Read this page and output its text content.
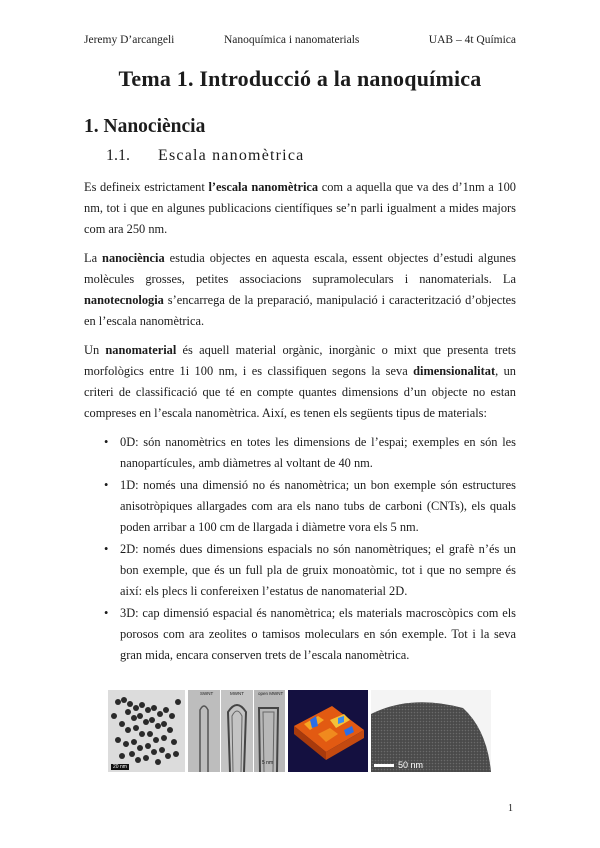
Jeremy D’arcangeli	Nanoquímica i nanomaterials	UAB – 4t Química
Tema 1. Introducció a la nanoquímica
1. Nanociència
1.1. Escala nanomètrica

Es defineix estrictament l’escala nanomètrica com a aquella que va des d’1nm a 100 nm, tot i que en algunes publicacions científiques se’n parli igualment a mides majors com ara 250 nm.

La nanociència estudia objectes en aquesta escala, essent objectes d’estudi algunes molècules grosses, petites associacions supramoleculars i nanomaterials. La nanotecnologia s’encarrega de la preparació, manipulació i caracterització d’objectes en l’escala nanomètrica.

Un nanomaterial és aquell material orgànic, inorgànic o mixt que presenta trets morfològics entre 1i 100 nm, i es classifiquen segons la seva dimensionalitat, un criteri de classificació que té en compte quantes dimensions d’un objecte no estan compreses en l’escala nanomètrica. Així, es tenen els següents tipus de materials:

• 0D: són nanomètrics en totes les dimensions de l’espai; exemples en són les nanopartícules, amb diàmetres al voltant de 40 nm.
• 1D: només una dimensió no és nanomètrica; un bon exemple són estructures anisotròpiques allargades com ara els nano tubs de carboni (CNTs), els quals poden arribar a 100 cm de llargada i diàmetre vora els 5 nm.
• 2D: només dues dimensions espacials no són nanomètriques; el grafè n’és un bon exemple, que és un full pla de gruix monoatòmic, tot i que no sempre és així: els plecs li confereixen l’estatus de nanomaterial 2D.
• 3D: cap dimensió espacial és nanomètrica; els materials macroscòpics com els porosos com ara zeolites o tamisos moleculars en són exemple. Tot i la seva gran mida, encara conserven trets de l’escala nanomètrica.
20 nm
SWNT	MWNT	open MWNT
5 nm	50 nm
1
